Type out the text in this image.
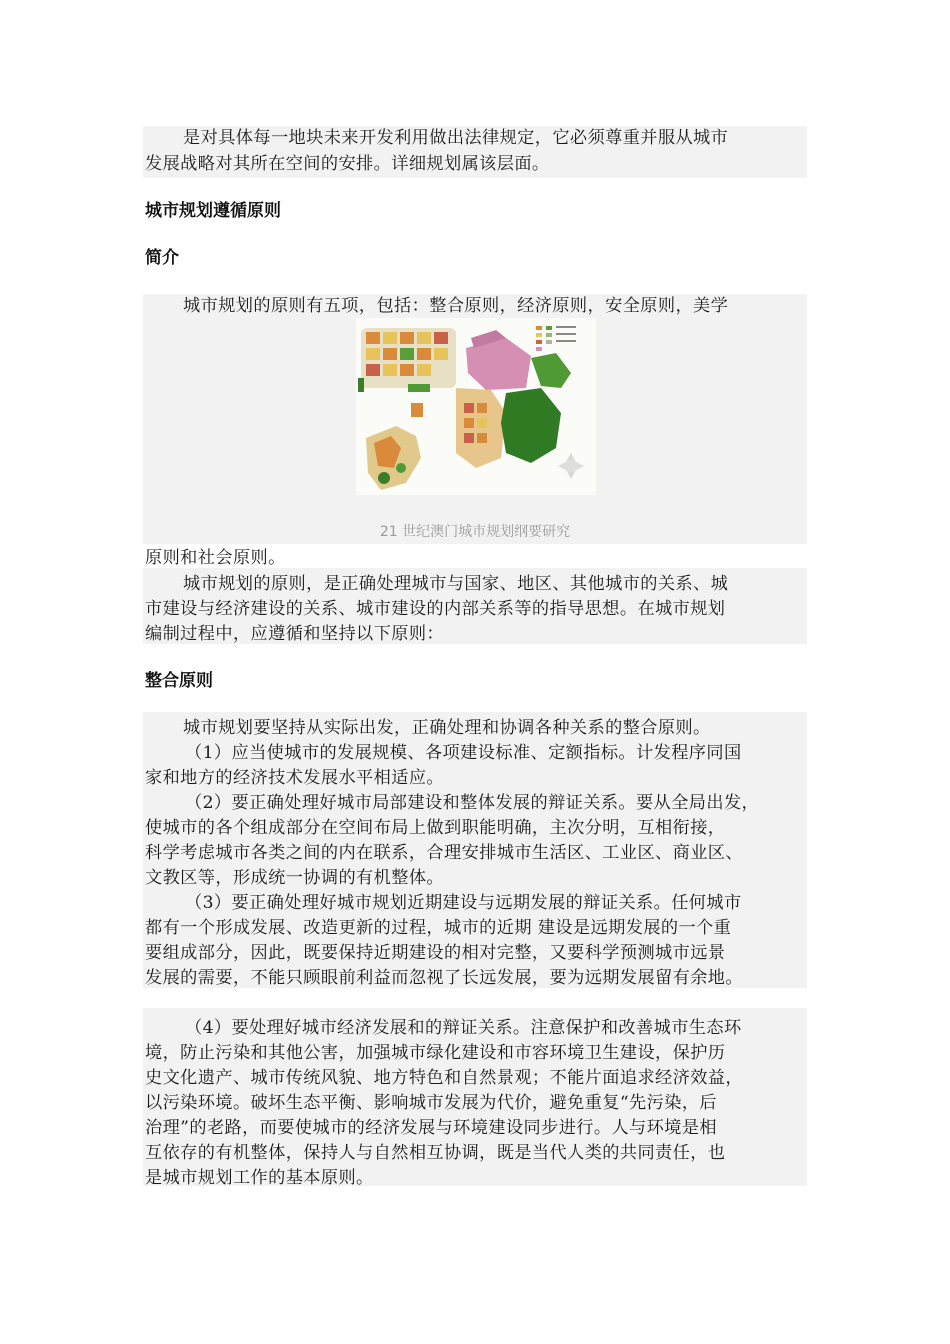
是对具体每一地块未来开发利用做出法律规定，它必须尊重并服从城市
发展战略对其所在空间的安排。详细规划属该层面。
城市规划遵循原则
简介
城市规划的原则有五项，包括：整合原则，经济原则，安全原则，美学
21 世纪澳门城市规划纲要研究
原则和社会原则。
城市规划的原则，是正确处理城市与国家、地区、其他城市的关系、城
市建设与经济建设的关系、城市建设的内部关系等的指导思想。在城市规划
编制过程中，应遵循和坚持以下原则：
整合原则
城市规划要坚持从实际出发，正确处理和协调各种关系的整合原则。
（1）应当使城市的发展规模、各项建设标准、定额指标。计发程序同国
家和地方的经济技术发展水平相适应。
（2）要正确处理好城市局部建设和整体发展的辩证关系。要从全局出发，
使城市的各个组成部分在空间布局上做到职能明确，主次分明，互相衔接，
科学考虑城市各类之间的内在联系，合理安排城市生活区、工业区、商业区、
文教区等，形成统一协调的有机整体。
（3）要正确处理好城市规划近期建设与远期发展的辩证关系。任何城市
都有一个形成发展、改造更新的过程，城市的近期 建设是远期发展的一个重
要组成部分，因此，既要保持近期建设的相对完整，又要科学预测城市远景
发展的需要，不能只顾眼前利益而忽视了长远发展，要为远期发展留有余地。
（4）要处理好城市经济发展和的辩证关系。注意保护和改善城市生态环
境，防止污染和其他公害，加强城市绿化建设和市容环境卫生建设，保护历
史文化遗产、城市传统风貌、地方特色和自然景观；不能片面追求经济效益，
以污染环境。破坏生态平衡、影响城市发展为代价，避免重复“先污染，后
治理”的老路，而要使城市的经济发展与环境建设同步进行。人与环境是相
互依存的有机整体，保持人与自然相互协调，既是当代人类的共同责任，也
是城市规划工作的基本原则。
